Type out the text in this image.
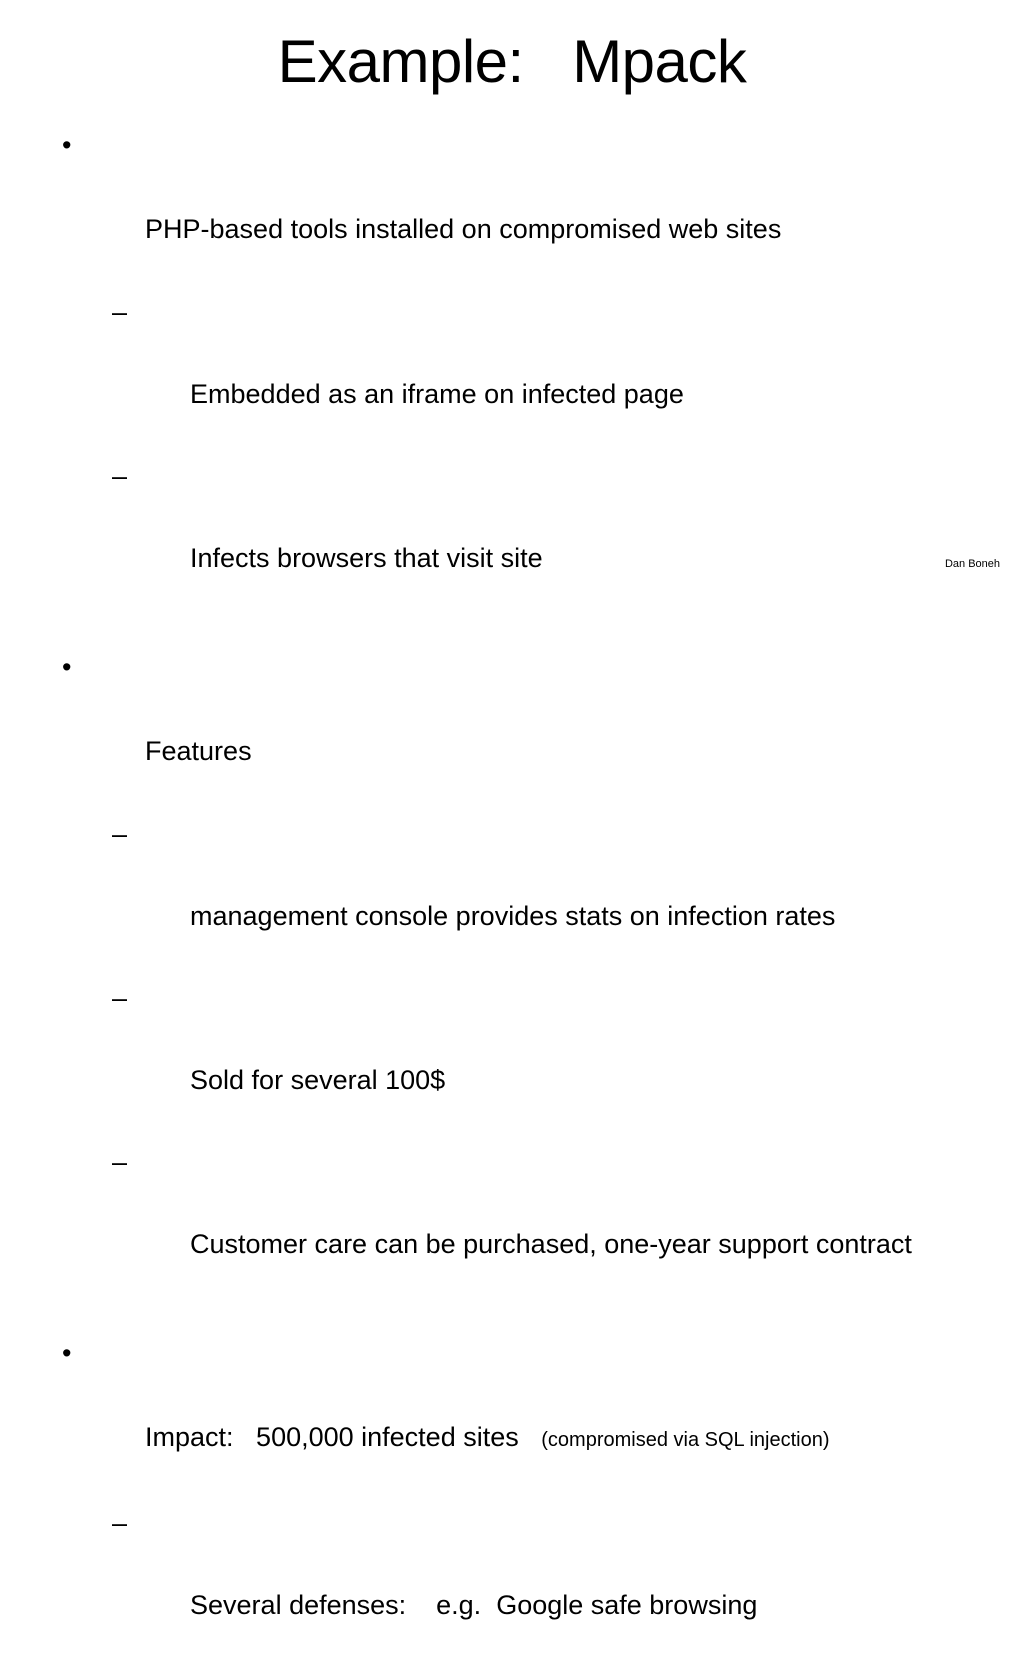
Example:   Mpack

•

PHP-based tools installed on compromised web sites

–

Embedded as an iframe on infected page

–

Infects browsers that visit site

•

Features

–

management console provides stats on infection rates

–

Sold for several 100$

–

Customer care can be purchased, one-year support contract

•

Impact:   500,000 infected sites   (compromised via SQL injection)

–

Several defenses:    e.g.  Google safe browsing

Dan Boneh
